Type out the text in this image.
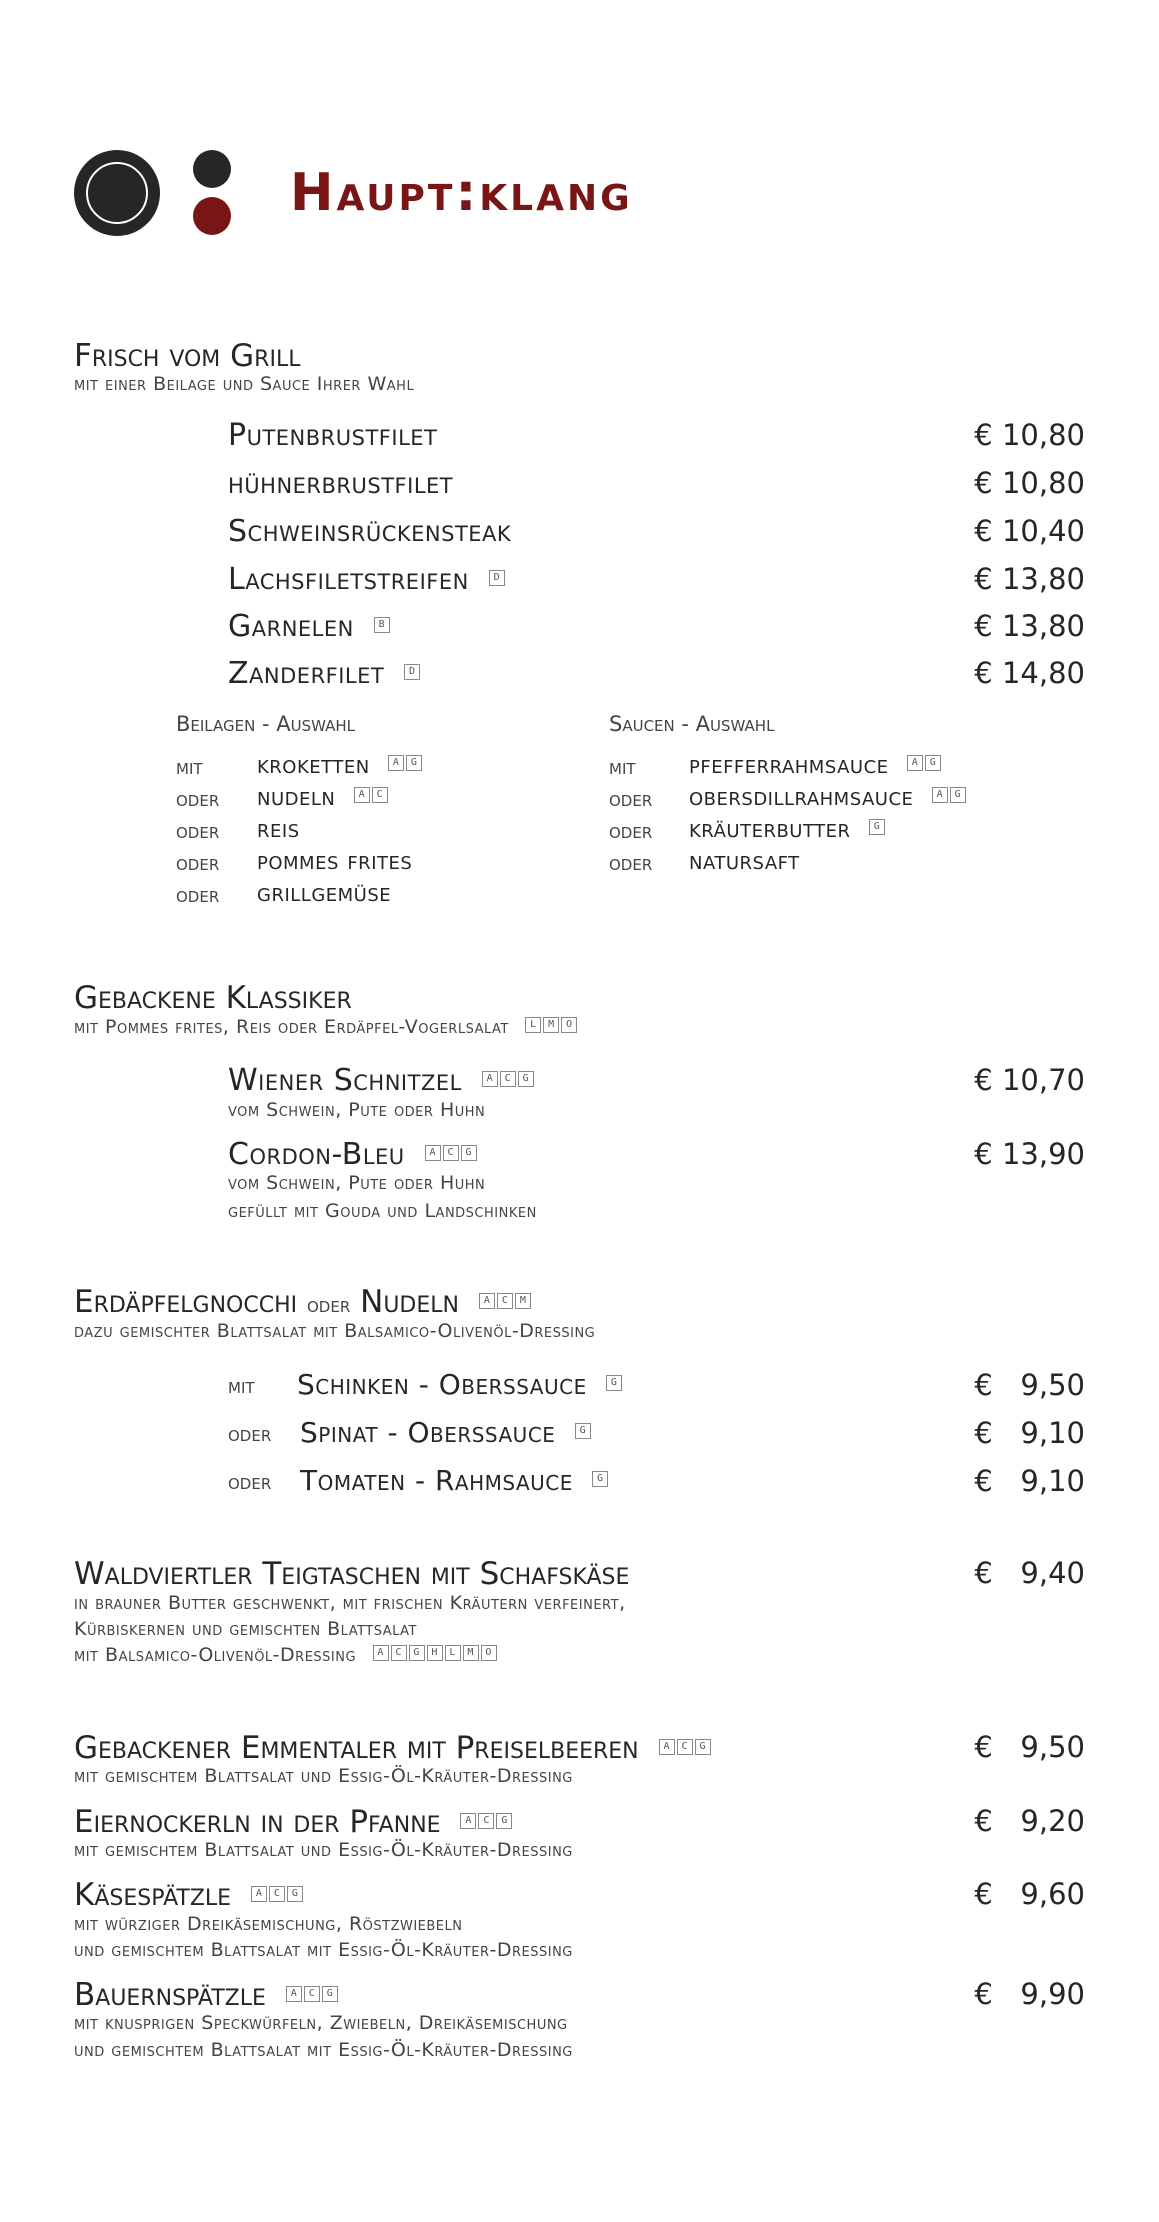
Haupt:klang
Frisch vom Grill
mit einer Beilage und Sauce Ihrer Wahl
Putenbrustfilet	€ 10,80
hühnerbrustfilet	€ 10,80
Schweinsrückensteak	€ 10,40
Lachsfiletstreifen	D	€ 13,80
Garnelen	B	€ 13,80
Zanderfilet	D	€ 14,80
Beilagen - Auswahl
mit kroketten	A	G
oder nudeln	A	C
oder reis
oder pommes frites
oder grillgemüse
Saucen - Auswahl
mit pfefferrahmsauce	A	G
oder obersdillrahmsauce	A	G
oder kräuterbutter	G
oder natursaft
Gebackene Klassiker
mit Pommes frites, Reis oder Erdäpfel-Vogerlsalat	L	M	O
Wiener Schnitzel	A	C	G	€ 10,70
vom Schwein, Pute oder Huhn
Cordon-Bleu	A	C	G	€ 13,90
vom Schwein, Pute oder Huhn
gefüllt mit Gouda und Landschinken
Erdäpfelgnocchi oder Nudeln	A	C	M
dazu gemischter Blattsalat mit Balsamico-Olivenöl-Dressing
mit Schinken - Oberssauce	G	€   9,50
oder Spinat - Oberssauce	G	€   9,10
oder Tomaten - Rahmsauce	G	€   9,10
Waldviertler Teigtaschen mit Schafskäse	€   9,40
in brauner Butter geschwenkt, mit frischen Kräutern verfeinert,
Kürbiskernen und gemischten Blattsalat
mit Balsamico-Olivenöl-Dressing	A	C	G	H	L	M	O
Gebackener Emmentaler mit Preiselbeeren	A	C	G	€   9,50
mit gemischtem Blattsalat und Essig-Öl-Kräuter-Dressing
Eiernockerln in der Pfanne	A	C	G	€   9,20
mit gemischtem Blattsalat und Essig-Öl-Kräuter-Dressing
Käsespätzle	A	C	G	€   9,60
mit würziger Dreikäsemischung, Röstzwiebeln
und gemischtem Blattsalat mit Essig-Öl-Kräuter-Dressing
Bauernspätzle	A	C	G	€   9,90
mit knusprigen Speckwürfeln, Zwiebeln, Dreikäsemischung
und gemischtem Blattsalat mit Essig-Öl-Kräuter-Dressing
